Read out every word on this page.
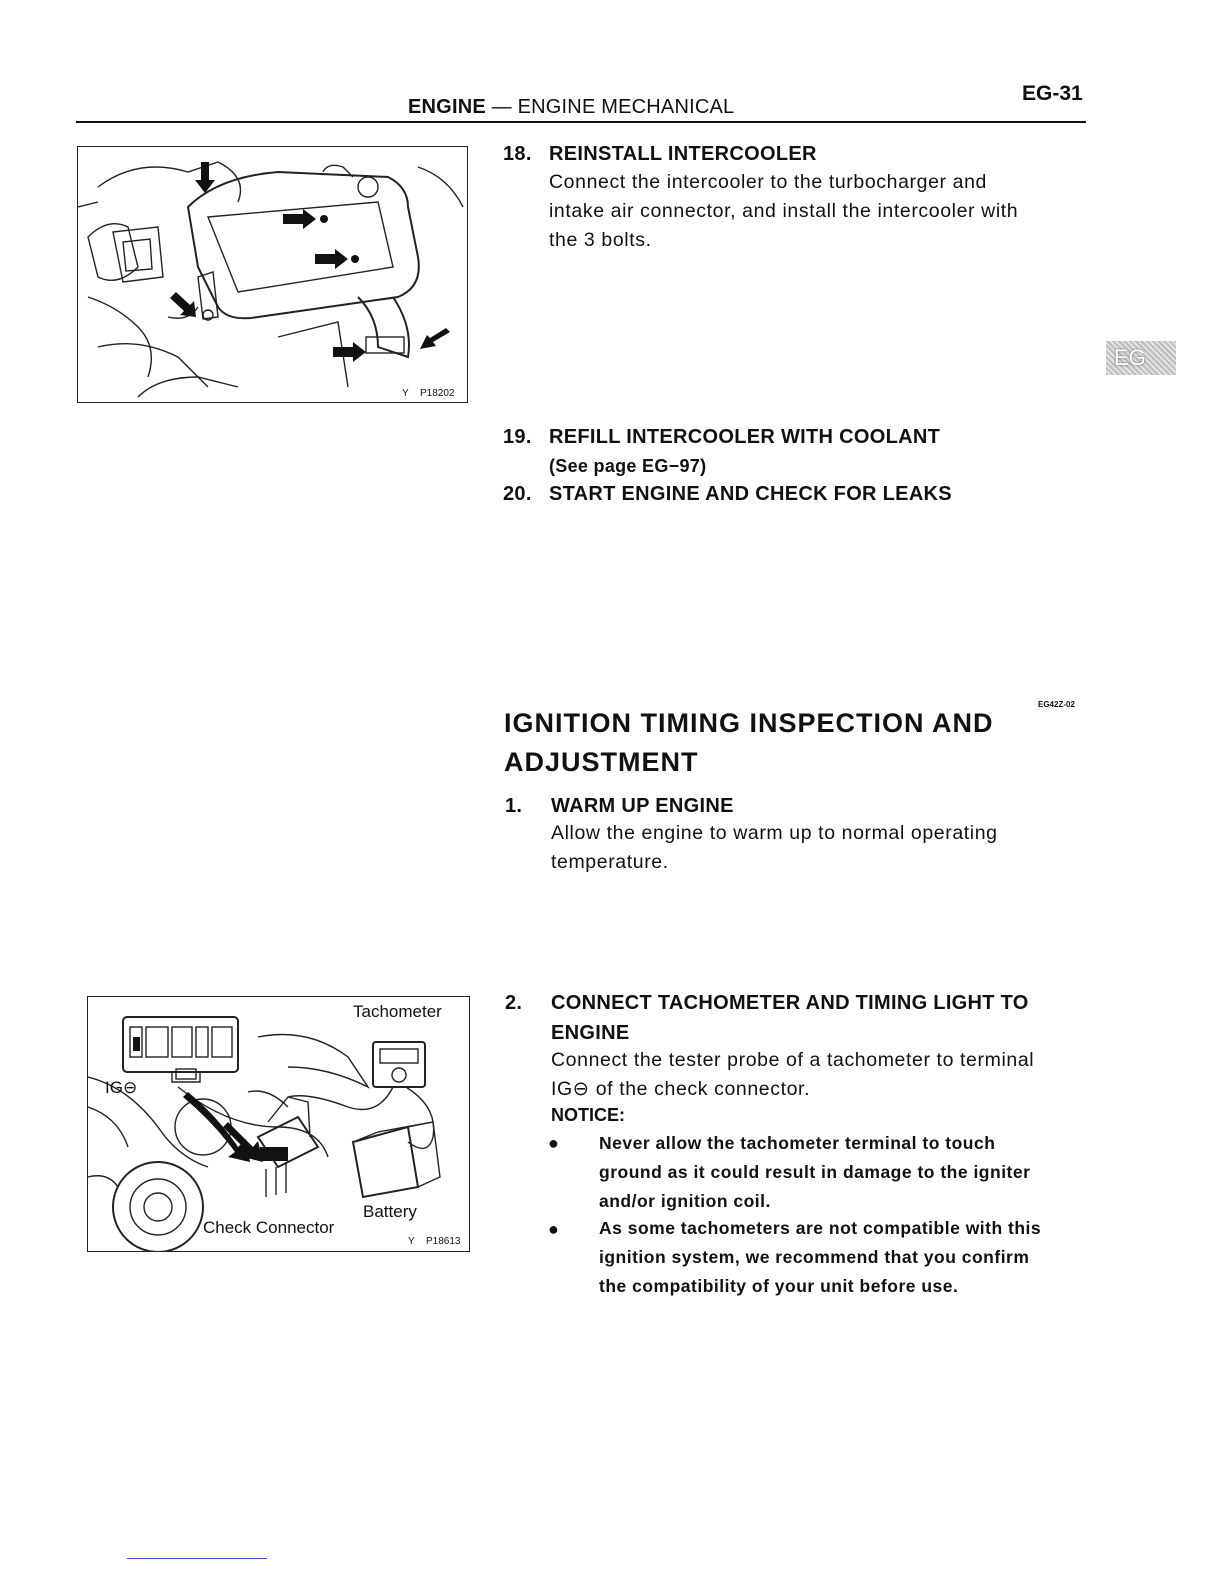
ENGINE — ENGINE MECHANICAL
EG-31
EG
Y P18202
18. REINSTALL INTERCOOLER
Connect the intercooler to the turbocharger and
intake air connector, and install the intercooler with
the 3 bolts.
19. REFILL INTERCOOLER WITH COOLANT
(See page EG−97)
20. START ENGINE AND CHECK FOR LEAKS
IGNITION TIMING INSPECTION AND
ADJUSTMENT
EG42Z-02
1. WARM UP ENGINE
Allow the engine to warm up to normal operating
temperature.
Tachometer
IG⊖
Battery
Check Connector
Y P18613
2. CONNECT TACHOMETER AND TIMING LIGHT TO
ENGINE
Connect the tester probe of a tachometer to terminal
IG⊖ of the check connector.
NOTICE:
● Never allow the tachometer terminal to touch
ground as it could result in damage to the igniter
and/or ignition coil.
● As some tachometers are not compatible with this
ignition system, we recommend that you confirm
the compatibility of your unit before use.
